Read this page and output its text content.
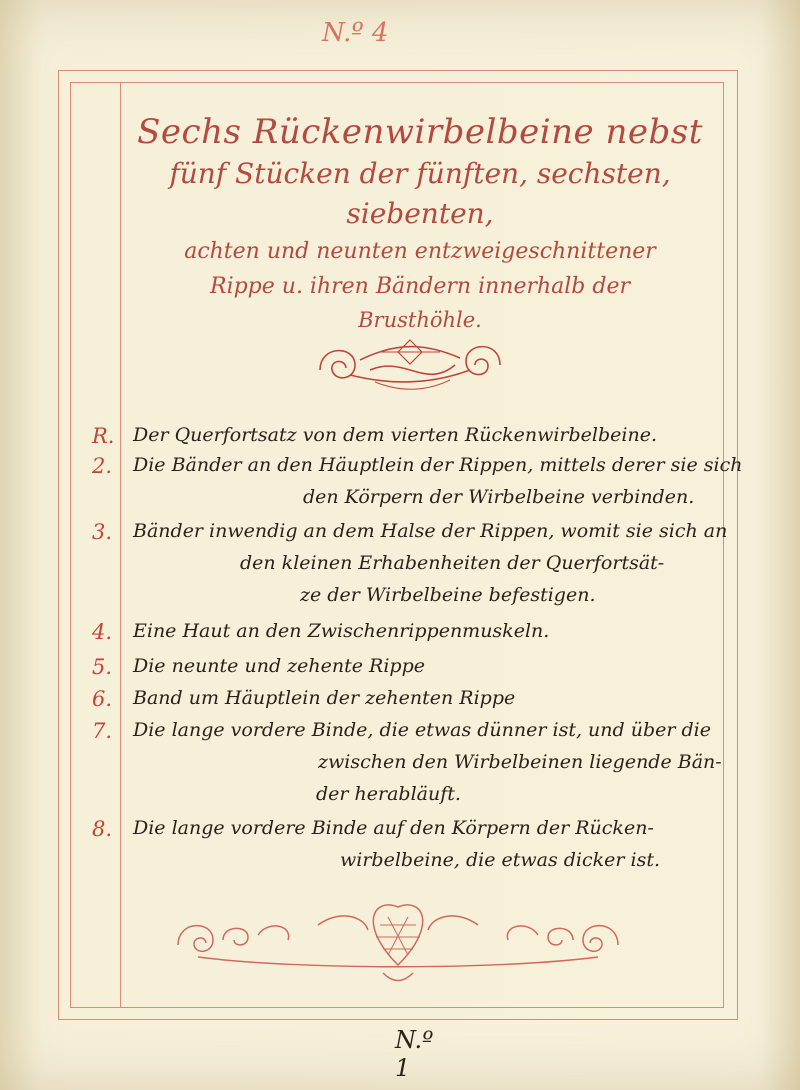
N.º 4
Sechs Rückenwirbelbeine nebst
fünf Stücken der fünften, sechsten, siebenten,
achten und neunten entzweigeschnittener
Rippe u. ihren Bändern innerhalb der
Brusthöhle.
R. Der Querfortsatz von dem vierten Rückenwirbelbeine.
2.	Die Bänder an den Häuptlein der Rippen, mittels derer sie sich
den Körpern der Wirbelbeine verbinden.
3.	Bänder inwendig an dem Halse der Rippen, womit sie sich an
den kleinen Erhabenheiten der Querfortsät-
ze der Wirbelbeine befestigen.
4.	Eine Haut an den Zwischenrippenmuskeln.
5.	Die neunte und zehente Rippe
6.	Band um Häuptlein der zehenten Rippe
7.	Die lange vordere Binde, die etwas dünner ist, und über die
zwischen den Wirbelbeinen liegende Bän-
der herabläuft.
8.	Die lange vordere Binde auf den Körpern der Rücken-
wirbelbeine, die etwas dicker ist.
N.º 1
